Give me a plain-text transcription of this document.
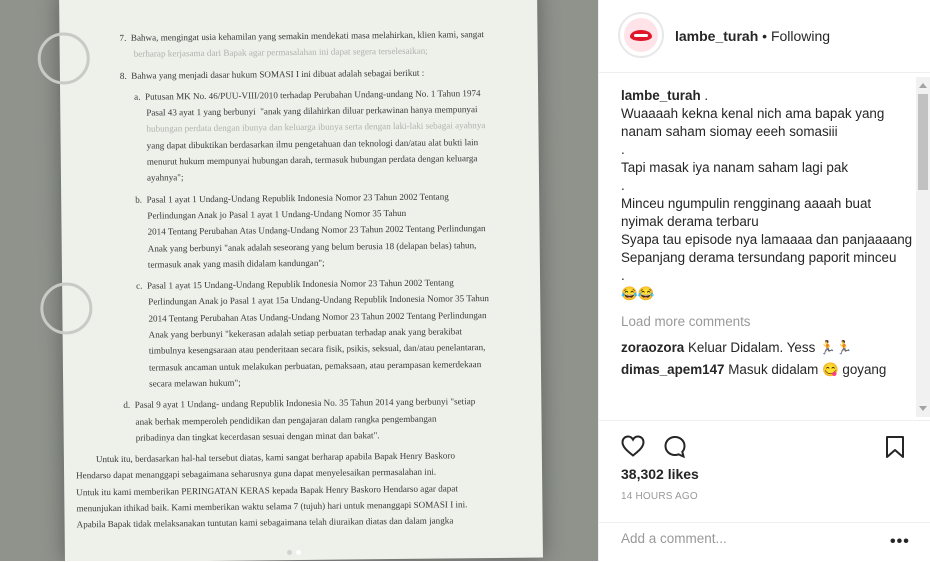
7.  Bahwa, mengingat usia kehamilan yang semakin mendekati masa melahirkan, klien kami, sangat
berharap kerjasama dari Bapak agar permasalahan ini dapat segera terselesaikan;

8.  Bahwa yang menjadi dasar hukum SOMASI I ini dibuat adalah sebagai berikut :

a.  Putusan MK No. 46/PUU-VIII/2010 terhadap Perubahan Undang-undang No. 1 Tahun 1974
Pasal 43 ayat 1 yang berbunyi  "anak yang dilahirkan diluar perkawinan hanya mempunyai
hubungan perdata dengan ibunya dan keluarga ibunya serta dengan laki-laki sebagai ayahnya
yang dapat dibuktikan berdasarkan ilmu pengetahuan dan teknologi dan/atau alat bukti lain
menurut hukum mempunyai hubungan darah, termasuk hubungan perdata dengan keluarga
ayahnya";

b.  Pasal 1 ayat 1 Undang-Undang Republik Indonesia Nomor 23 Tahun 2002 Tentang
Perlindungan Anak jo Pasal 1 ayat 1 Undang-Undang Nomor 35 Tahun
2014 Tentang Perubahan Atas Undang-Undang Nomor 23 Tahun 2002 Tentang Perlindungan
Anak yang berbunyi "anak adalah seseorang yang belum berusia 18 (delapan belas) tahun,
termasuk anak yang masih didalam kandungan";

c.  Pasal 1 ayat 15 Undang-Undang Republik Indonesia Nomor 23 Tahun 2002 Tentang
Perlindungan Anak jo Pasal 1 ayat 15a Undang-Undang Republik Indonesia Nomor 35 Tahun
2014 Tentang Perubahan Atas Undang-Undang Nomor 23 Tahun 2002 Tentang Perlindungan
Anak yang berbunyi "kekerasan adalah setiap perbuatan terhadap anak yang berakibat
timbulnya kesengsaraan atau penderitaan secara fisik, psikis, seksual, dan/atau penelantaran,
termasuk ancaman untuk melakukan perbuatan, pemaksaan, atau perampasan kemerdekaan
secara melawan hukum";

d.  Pasal 9 ayat 1 Undang- undang Republik Indonesia No. 35 Tahun 2014 yang berbunyi "setiap
anak berhak memperoleh pendidikan dan pengajaran dalam rangka pengembangan
pribadinya dan tingkat kecerdasan sesuai dengan minat dan bakat".

Untuk itu, berdasarkan hal-hal tersebut diatas, kami sangat berharap apabila Bapak Henry Baskoro
Hendarso dapat menanggapi sebagaimana seharusnya guna dapat menyelesaikan permasalahan ini.
Untuk itu kami memberikan PERINGATAN KERAS kepada Bapak Henry Baskoro Hendarso agar dapat
menunjukan ithikad baik. Kami memberikan waktu selama 7 (tujuh) hari untuk menanggapi SOMASI I ini.
Apabila Bapak tidak melaksanakan tuntutan kami sebagaimana telah diuraikan diatas dan dalam jangka

lambe_turah • Following
lambe_turah .
Wuaaaah kekna kenal nich ama bapak yang nanam saham siomay eeeh somasiii
.
Tapi masak iya nanam saham lagi pak
.
Minceu ngumpulin rengginang aaaah buat nyimak derama terbaru
Syapa tau episode nya lamaaaa dan panjaaaang
Sepanjang derama tersundang paporit minceu
.
😂😂
Load more comments
zoraozora Keluar Didalam. Yess 🏃🏃
dimas_apem147 Masuk didalam 😋 goyang
38,302 likes
14 HOURS AGO
Add a comment...	•••
